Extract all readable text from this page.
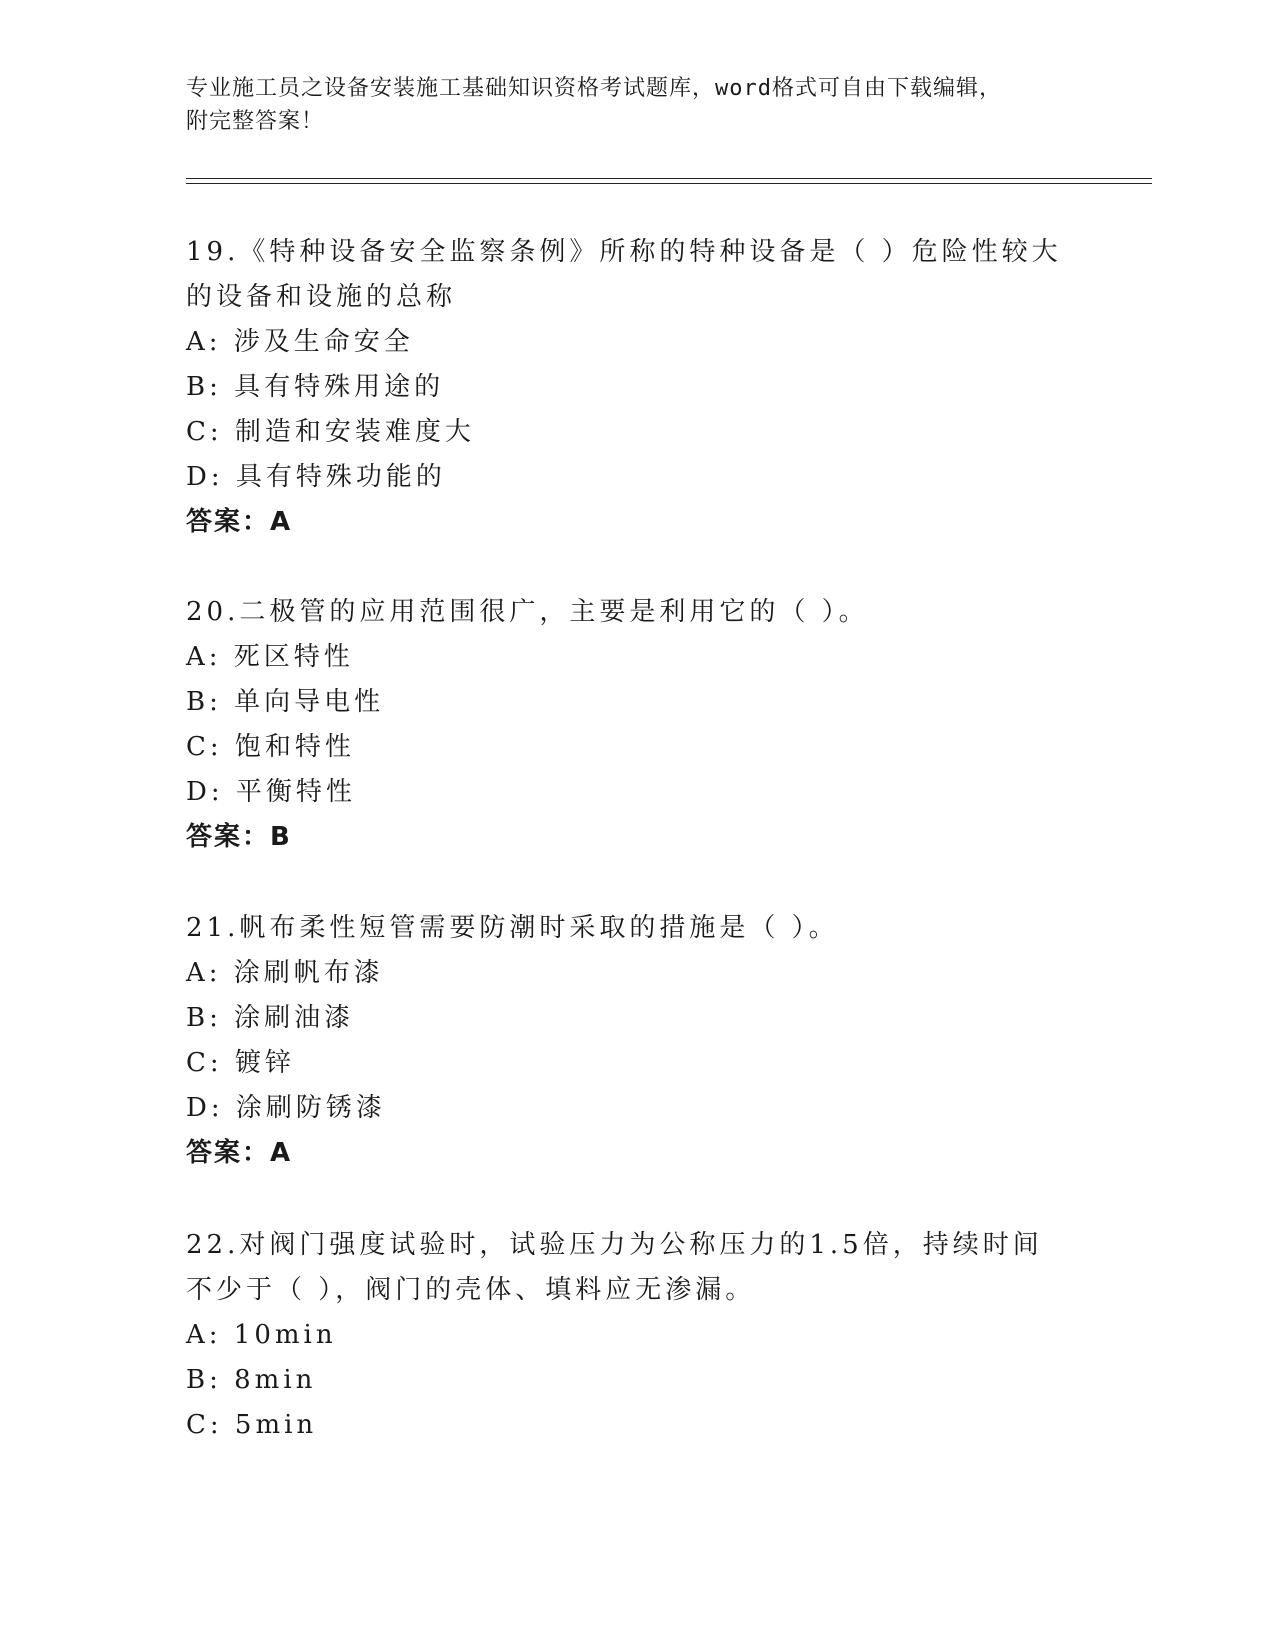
专业施工员之设备安装施工基础知识资格考试题库，word格式可自由下载编辑，
附完整答案！

19.《特种设备安全监察条例》所称的特种设备是（ ）危险性较大的设备和设施的总称

A: 涉及生命安全

B: 具有特殊用途的

C: 制造和安装难度大

D: 具有特殊功能的

答案：A

20.二极管的应用范围很广，主要是利用它的（ ）。

A: 死区特性

B: 单向导电性

C: 饱和特性

D: 平衡特性

答案：B

21.帆布柔性短管需要防潮时采取的措施是（ ）。

A: 涂刷帆布漆

B: 涂刷油漆

C: 镀锌

D: 涂刷防锈漆

答案：A

22.对阀门强度试验时，试验压力为公称压力的1.5倍，持续时间不少于（ ），阀门的壳体、填料应无渗漏。

A: 10min

B: 8min

C: 5min
